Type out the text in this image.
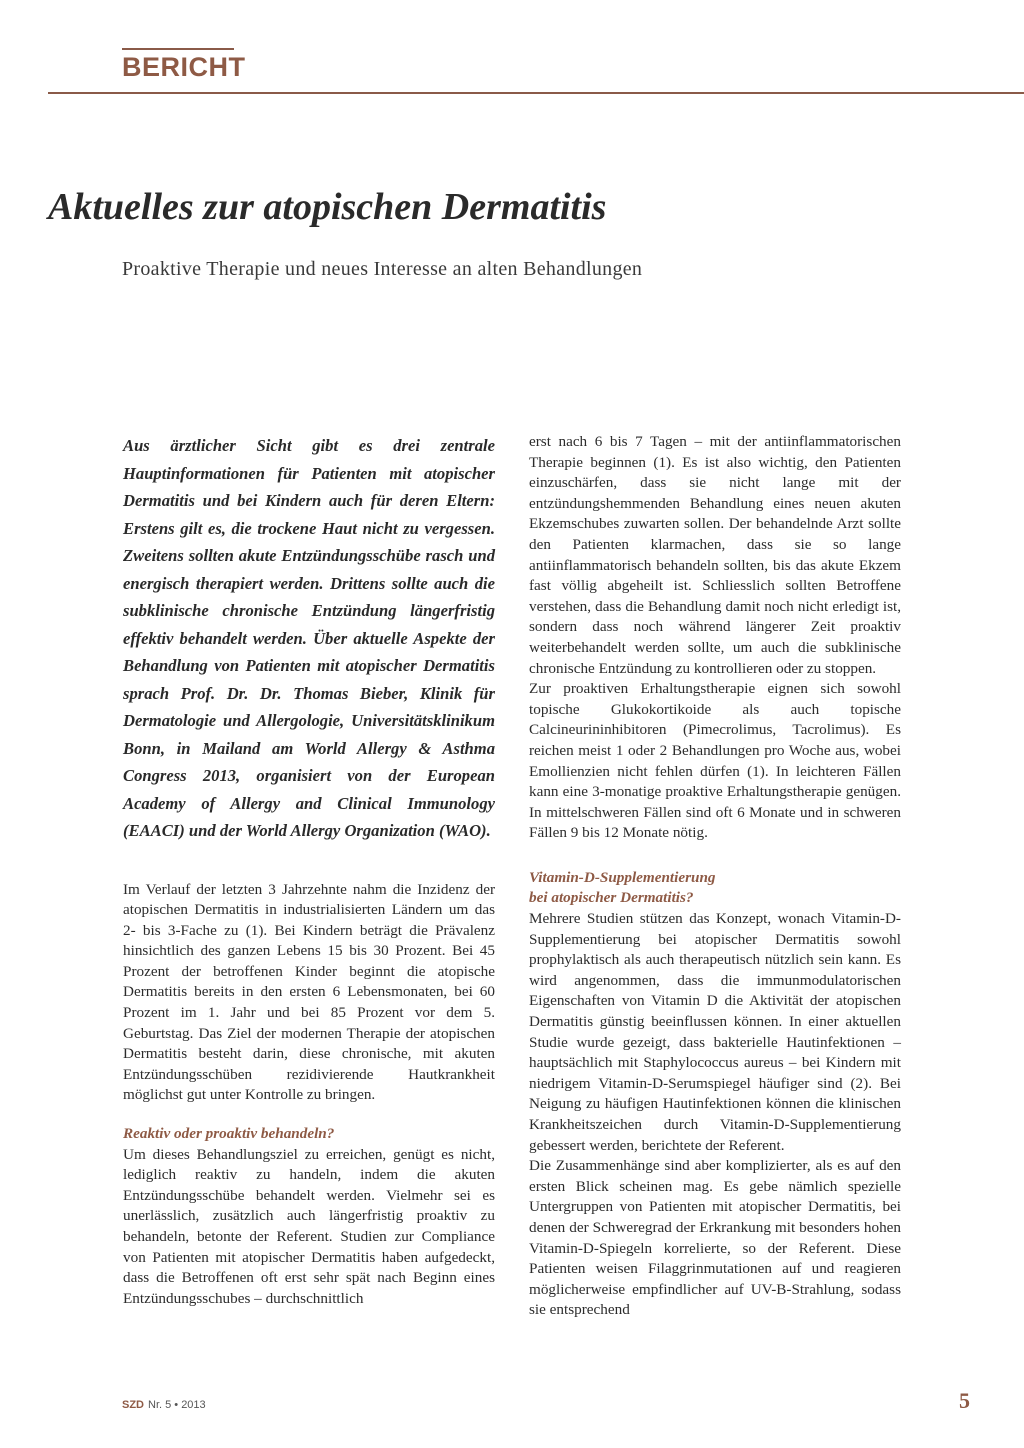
BERICHT
Aktuelles zur atopischen Dermatitis

Proaktive Therapie und neues Interesse an alten Behandlungen

Aus ärztlicher Sicht gibt es drei zentrale Hauptinformationen für Patienten mit atopischer Dermatitis und bei Kindern auch für deren Eltern: Erstens gilt es, die trockene Haut nicht zu vergessen. Zweitens sollten akute Entzündungsschübe rasch und energisch therapiert werden. Drittens sollte auch die subklinische chronische Entzündung längerfristig effektiv behandelt werden. Über aktuelle Aspekte der Behandlung von Patienten mit atopischer Dermatitis sprach Prof. Dr. Dr. Thomas Bieber, Klinik für Dermatologie und Allergologie, Universitätsklinikum Bonn, in Mailand am World Allergy & Asthma Congress 2013, organisiert von der European Academy of Allergy and Clinical Immunology (EAACI) und der World Allergy Organization (WAO).

Im Verlauf der letzten 3 Jahrzehnte nahm die Inzidenz der atopischen Dermatitis in industrialisierten Ländern um das 2- bis 3-Fache zu (1). Bei Kindern beträgt die Prävalenz hinsichtlich des ganzen Lebens 15 bis 30 Prozent. Bei 45 Prozent der betroffenen Kinder beginnt die atopische Dermatitis bereits in den ersten 6 Lebensmonaten, bei 60 Prozent im 1. Jahr und bei 85 Prozent vor dem 5. Geburtstag. Das Ziel der modernen Therapie der atopischen Dermatitis besteht darin, diese chronische, mit akuten Entzündungsschüben rezidivierende Hautkrankheit möglichst gut unter Kontrolle zu bringen.

Reaktiv oder proaktiv behandeln?

Um dieses Behandlungsziel zu erreichen, genügt es nicht, lediglich reaktiv zu handeln, indem die akuten Entzündungsschübe behandelt werden. Vielmehr sei es unerlässlich, zusätzlich auch längerfristig proaktiv zu behandeln, betonte der Referent. Studien zur Compliance von Patienten mit atopischer Dermatitis haben aufgedeckt, dass die Betroffenen oft erst sehr spät nach Beginn eines Entzündungsschubes – durchschnittlich

erst nach 6 bis 7 Tagen – mit der antiinflammatorischen Therapie beginnen (1). Es ist also wichtig, den Patienten einzuschärfen, dass sie nicht lange mit der entzündungshemmenden Behandlung eines neuen akuten Ekzemschubes zuwarten sollen. Der behandelnde Arzt sollte den Patienten klarmachen, dass sie so lange antiinflammatorisch behandeln sollten, bis das akute Ekzem fast völlig abgeheilt ist. Schliesslich sollten Betroffene verstehen, dass die Behandlung damit noch nicht erledigt ist, sondern dass noch während längerer Zeit proaktiv weiterbehandelt werden sollte, um auch die subklinische chronische Entzündung zu kontrollieren oder zu stoppen.

Zur proaktiven Erhaltungstherapie eignen sich sowohl topische Glukokortikoide als auch topische Calcineurininhibitoren (Pimecrolimus, Tacrolimus). Es reichen meist 1 oder 2 Behandlungen pro Woche aus, wobei Emollienzien nicht fehlen dürfen (1). In leichteren Fällen kann eine 3-monatige proaktive Erhaltungstherapie genügen. In mittelschweren Fällen sind oft 6 Monate und in schweren Fällen 9 bis 12 Monate nötig.

Vitamin-D-Supplementierung
bei atopischer Dermatitis?

Mehrere Studien stützen das Konzept, wonach Vitamin-D-Supplementierung bei atopischer Dermatitis sowohl prophylaktisch als auch therapeutisch nützlich sein kann. Es wird angenommen, dass die immunmodulatorischen Eigenschaften von Vitamin D die Aktivität der atopischen Dermatitis günstig beeinflussen können. In einer aktuellen Studie wurde gezeigt, dass bakterielle Hautinfektionen – hauptsächlich mit Staphylococcus aureus – bei Kindern mit niedrigem Vitamin-D-Serumspiegel häufiger sind (2). Bei Neigung zu häufigen Hautinfektionen können die klinischen Krankheitszeichen durch Vitamin-D-Supplementierung gebessert werden, berichtete der Referent.

Die Zusammenhänge sind aber komplizierter, als es auf den ersten Blick scheinen mag. Es gebe nämlich spezielle Untergruppen von Patienten mit atopischer Dermatitis, bei denen der Schweregrad der Erkrankung mit besonders hohen Vitamin-D-Spiegeln korrelierte, so der Referent. Diese Patienten weisen Filaggrinmutationen auf und reagieren möglicherweise empfindlicher auf UV-B-Strahlung, sodass sie entsprechend

SZD Nr. 5 • 2013	5
